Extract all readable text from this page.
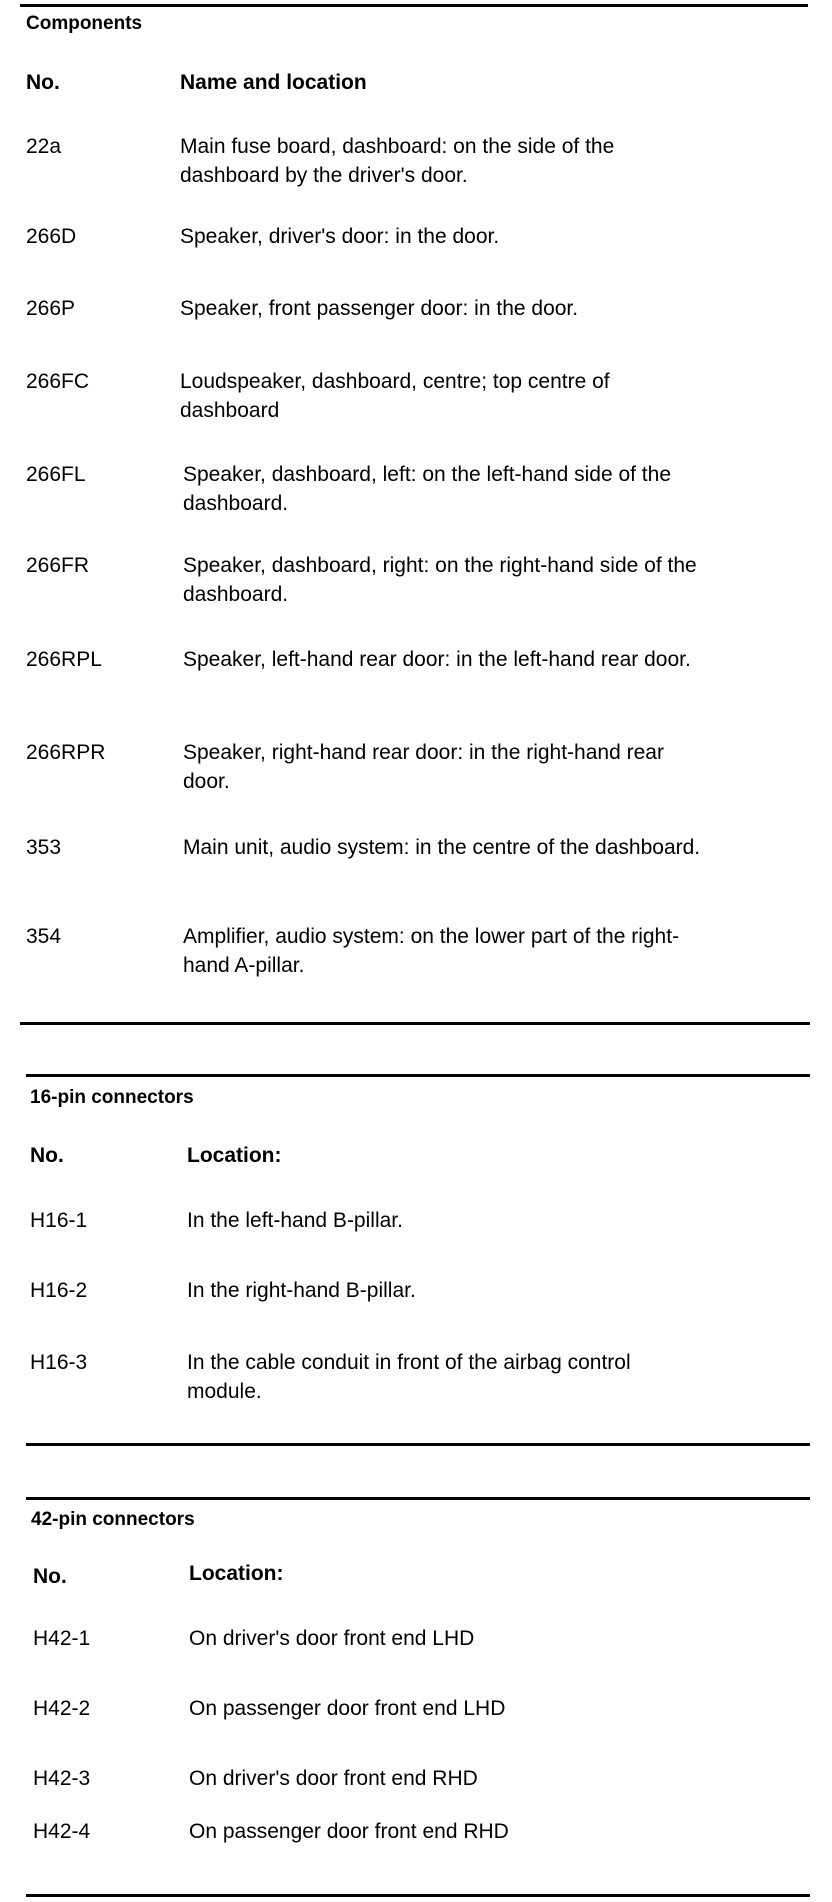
Components
No.	Name and location
22a	Main fuse board, dashboard: on the side of the dashboard by the driver's door.
266D	Speaker, driver's door: in the door.
266P	Speaker, front passenger door: in the door.
266FC	Loudspeaker, dashboard, centre; top centre of dashboard
266FL	Speaker, dashboard, left: on the left-hand side of the dashboard.
266FR	Speaker, dashboard, right: on the right-hand side of the dashboard.
266RPL	Speaker, left-hand rear door: in the left-hand rear door.
266RPR	Speaker, right-hand rear door: in the right-hand rear door.
353	Main unit, audio system: in the centre of the dashboard.
354	Amplifier, audio system: on the lower part of the right-hand A-pillar.
16-pin connectors
No.	Location:
H16-1	In the left-hand B-pillar.
H16-2	In the right-hand B-pillar.
H16-3	In the cable conduit in front of the airbag control module.
42-pin connectors
No.	Location:
H42-1	On driver's door front end LHD
H42-2	On passenger door front end LHD
H42-3	On driver's door front end RHD
H42-4	On passenger door front end RHD
